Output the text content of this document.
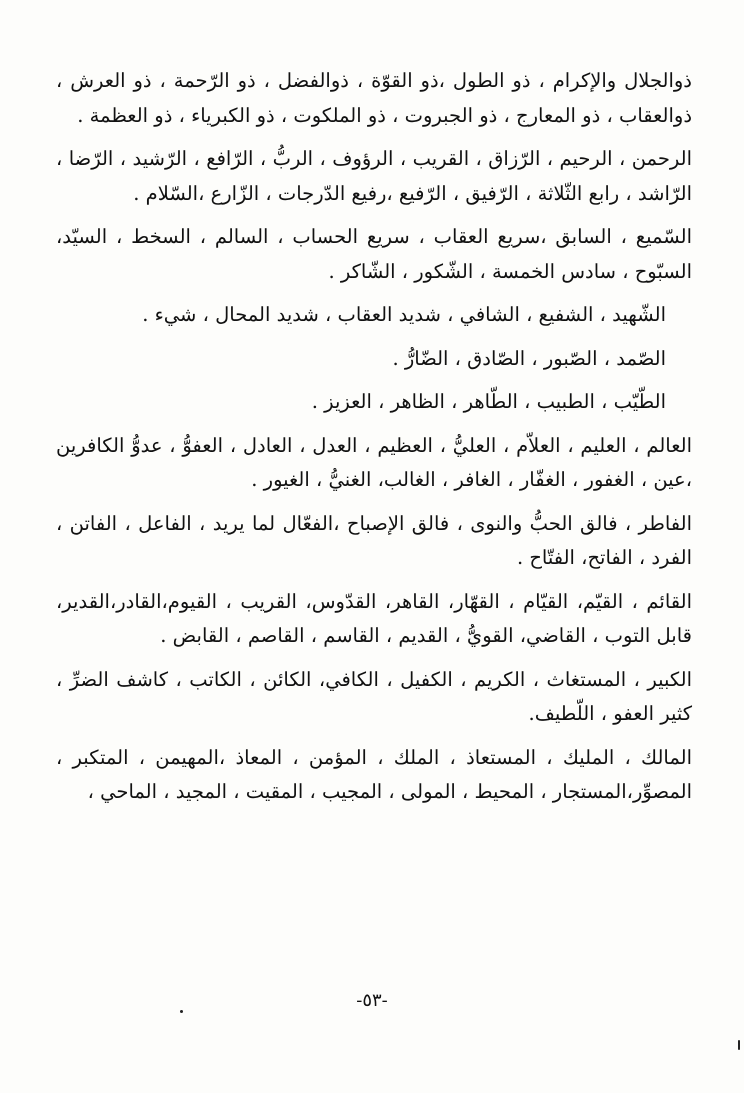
ذوالجلال والإكرام ، ذو الطول ،ذو القوّة ، ذوالفضل ، ذو الرّحمة ، ذو العرش ، ذوالعقاب ، ذو المعارج ، ذو الجبروت ، ذو الملكوت ، ذو الكبرياء ، ذو العظمة .

الرحمن ، الرحيم ، الرّزاق ، القريب ، الرؤوف ، الربُّ ، الرّافع ، الرّشيد ، الرّضا ، الرّاشد ، رابع الثّلاثة ، الرّفيق ، الرّفيع ،رفيع الدّرجات ، الزّارع ،السّلام .

السّميع ، السابق ،سريع العقاب ، سريع الحساب ، السالم ، السخط ، السيّد، السبّوح ، سادس الخمسة ، الشّكور ، الشّاكر .

الشّهيد ، الشفيع ، الشافي ، شديد العقاب ، شديد المحال ، شيء .

الصّمد ، الصّبور ، الصّادق ، الضّارُّ .

الطّيّب ، الطبيب ، الطّاهر ، الظاهر ، العزيز .

العالم ، العليم ، العلاّم ، العليُّ ، العظيم ، العدل ، العادل ، العفوُّ ، عدوُّ الكافرين ،عين ، الغفور ، الغفّار ، الغافر ، الغالب، الغنيُّ ، الغيور .

الفاطر ، فالق الحبُّ والنوى ، فالق الإصباح ،الفعّال لما يريد ، الفاعل ، الفاتن ، الفرد ، الفاتح، الفتّاح .

القائم ، القيّم، القيّام ، القهّار، القاهر، القدّوس، القريب ، القيوم،القادر،القدير، قابل التوب ، القاضي، القويُّ ، القديم ، القاسم ، القاصم ، القابض .

الكبير ، المستغاث ، الكريم ، الكفيل ، الكافي، الكائن ، الكاتب ، كاشف الضرِّ ، كثير العفو ، اللّطيف.

المالك ، المليك ، المستعاذ ، الملك ، المؤمن ، المعاذ ،المهيمن ، المتكبر ، المصوِّر،المستجار ، المحيط ، المولى ، المجيب ، المقيت ، المجيد ، الماحي ،

-٥٣-
